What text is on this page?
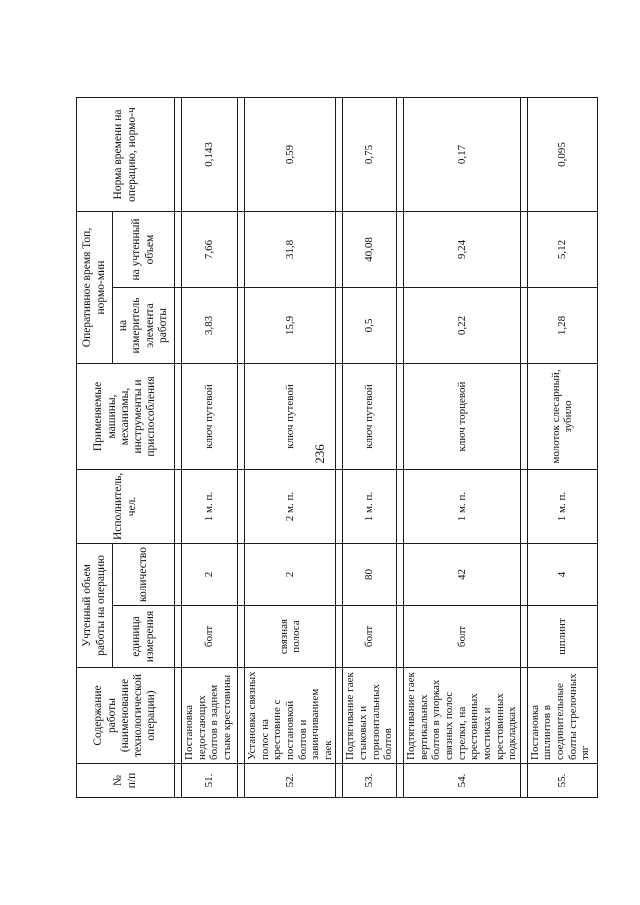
236
№
п/п	Содержание работы (наименование технологической операции)	Учтенный объем работы на операцию		Исполнитель, чел.	Применяемые машины, механизмы, инструменты и приспособления	Оперативное время Топ, нормо-мин		Норма времени на операцию, нормо-ч
		единица измерения	количество			на измеритель элемента работы	на учтенный объем	

51.	Постановка недостающих болтов в заднем стыке крестовины	болт	2	1 м. п.	ключ путевой	3,83	7,66	0,143

52.	Установка связных полос на крестовине с постановкой болтов и завинчиванием гаек	связная полоса	2	2 м. п.	ключ путевой	15,9	31,8	0,59

53.	Подтягивание гаек стыковых и горизонтальных болтов	болт	80	1 м. п.	ключ путевой	0,5	40,08	0,75

54.	Подтягивание гаек вертикальных болтов в упорках связных полос стрелки, на крестовинных мостиках и крестовинных подкладках	болт	42	1 м. п.	ключ торцевой	0,22	9,24	0,17

55.	Постановка шплинтов в соединительные болты стрелочных тяг	шплинт	4	1 м. п.	молоток слесарный, зубило	1,28	5,12	0,095
